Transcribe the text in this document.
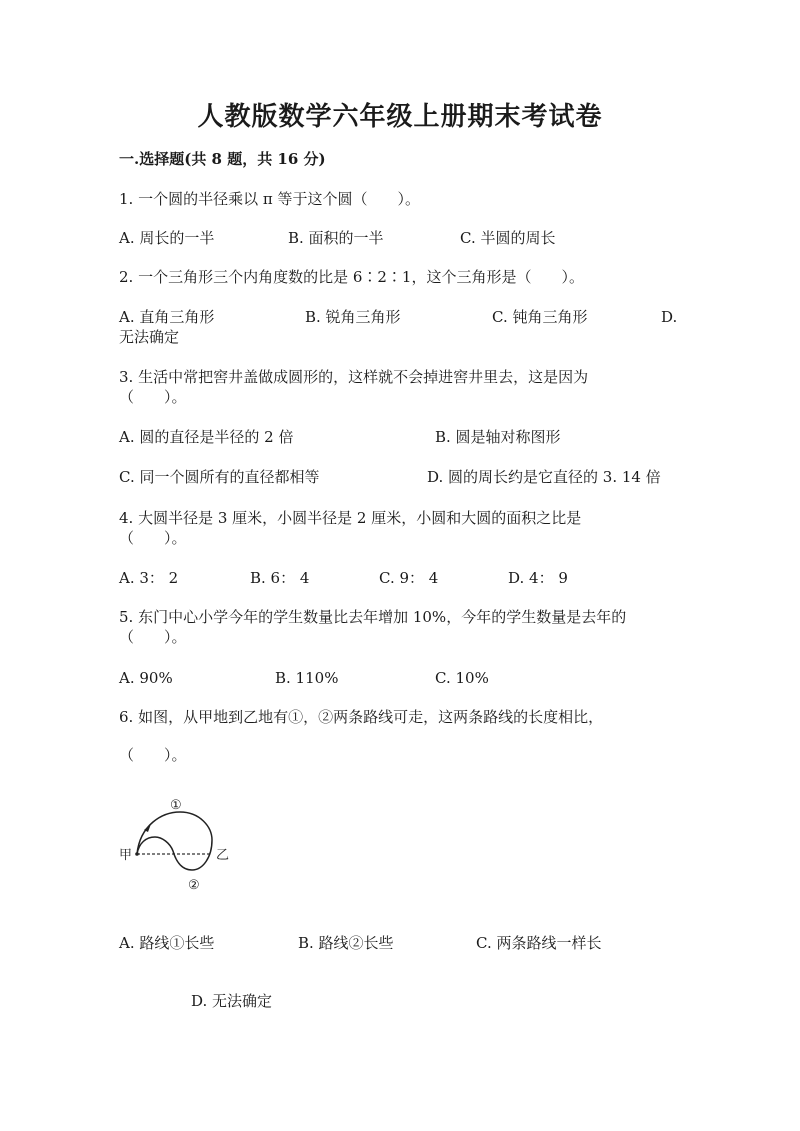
人教版数学六年级上册期末考试卷
一.选择题(共 8 题，共 16 分)
1. 一个圆的半径乘以 π 等于这个圆（　　）。
A. 周长的一半	B. 面积的一半	C. 半圆的周长
2. 一个三角形三个内角度数的比是 6∶2∶1，这个三角形是（　　）。
A. 直角三角形	B. 锐角三角形	C. 钝角三角形	D.
无法确定
3. 生活中常把窖井盖做成圆形的，这样就不会掉进窖井里去，这是因为
（　　）。
A. 圆的直径是半径的 2 倍	B. 圆是轴对称图形
C. 同一个圆所有的直径都相等	D. 圆的周长约是它直径的 3. 14 倍
4. 大圆半径是 3 厘米，小圆半径是 2 厘米，小圆和大圆的面积之比是
（　　）。
A. 3： 2	B. 6： 4	C. 9： 4	D. 4： 9
5. 东门中心小学今年的学生数量比去年增加 10%，今年的学生数量是去年的
（　　）。
A. 90%	B. 110%	C. 10%
6. 如图，从甲地到乙地有①，②两条路线可走，这两条路线的长度相比，
（　　）。
甲	乙
①
②
A. 路线①长些	B. 路线②长些	C. 两条路线一样长
D. 无法确定
